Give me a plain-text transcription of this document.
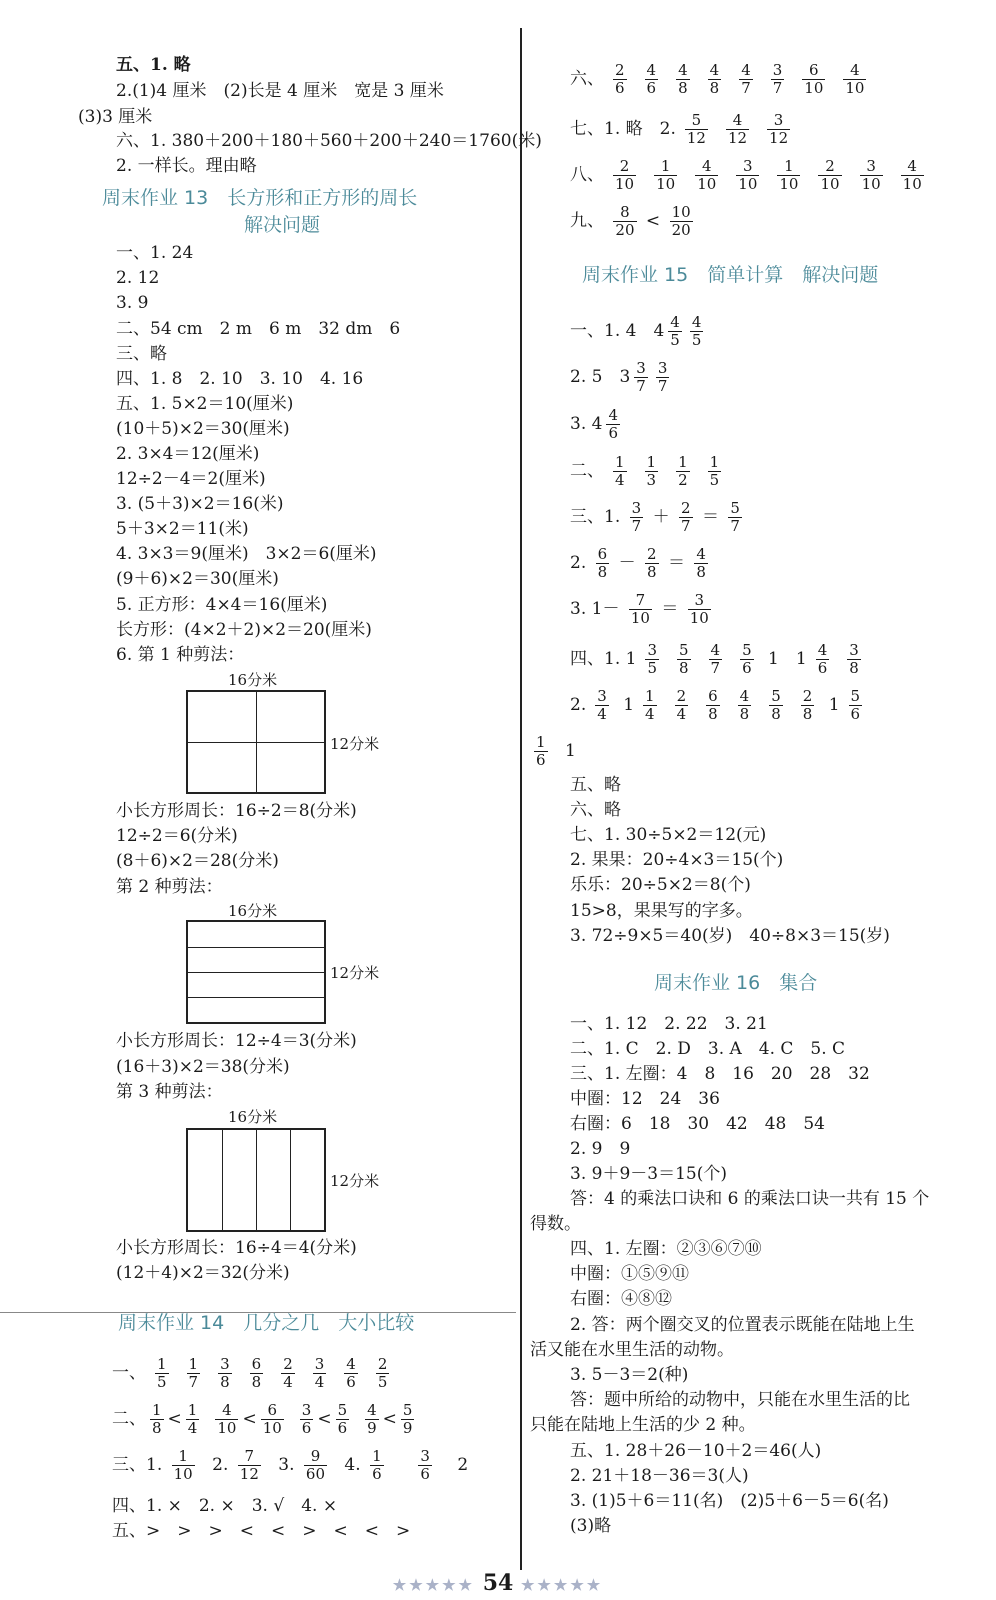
五、1. 略
2.(1)4 厘米　(2)长是 4 厘米　宽是 3 厘米
(3)3 厘米
六、1. 380＋200＋180＋560＋200＋240＝1760(米)
2. 一样长。理由略
周末作业 13　长方形和正方形的周长
解决问题
一、1. 24
2. 12
3. 9
二、54 cm　2 m　6 m　32 dm　6
三、略
四、1. 8　2. 10　3. 10　4. 16
五、1. 5×2＝10(厘米)
(10＋5)×2＝30(厘米)
2. 3×4＝12(厘米)
12÷2－4＝2(厘米)
3. (5＋3)×2＝16(米)
5＋3×2＝11(米)
4. 3×3＝9(厘米)　3×2＝6(厘米)
(9＋6)×2＝30(厘米)
5. 正方形：4×4＝16(厘米)
长方形：(4×2＋2)×2＝20(厘米)
6. 第 1 种剪法：
16分米
12分米
小长方形周长：16÷2＝8(分米)
12÷2＝6(分米)
(8＋6)×2＝28(分米)
第 2 种剪法：
16分米
12分米
小长方形周长：12÷4＝3(分米)
(16＋3)×2＝38(分米)
第 3 种剪法：
16分米
12分米
小长方形周长：16÷4＝4(分米)
(12＋4)×2＝32(分米)
周末作业 14　几分之几　大小比较
一、 $\frac{1}{5} \frac{1}{7} \frac{3}{8} \frac{6}{8} \frac{2}{4} \frac{3}{4} \frac{4}{6} \frac{2}{5}$
二、 $\frac{1}{8} < \frac{1}{4} \frac{4}{10} < \frac{6}{10} \frac{3}{6} < \frac{5}{6} \frac{4}{9} < \frac{5}{9}$
三、1. $\frac{1}{10} 2$. $\frac{7}{12} 3$. $\frac{9}{60} 4$. $\frac{1}{6}$
$\frac{3}{6} 2$
四、1. ×　2. ×　3. √　4. ×
五、>　>　>　<　<　>　<　<　>
六、 $\frac{2}{6} \frac{4}{6} \frac{4}{8} \frac{4}{8} \frac{4}{7} \frac{3}{7} \frac{6}{10} \frac{4}{10}$
七、1. 略　2. $\frac{5}{12} \frac{4}{12} \frac{3}{12}$
八、 $\frac{2}{10} \frac{1}{10} \frac{4}{10} \frac{3}{10} \frac{1}{10} \frac{2}{10} \frac{3}{10} \frac{4}{10}$
九、 $\frac{8}{20} < \frac{10}{20}$
周末作业 15　简单计算　解决问题
一、1. 4　$4 \frac{4}{5} \frac{4}{5}$
2. 5　$3 \frac{3}{7} \frac{3}{7}$
3. $4 \frac{4}{6}$
二、 $\frac{1}{4} \frac{1}{3} \frac{1}{2} \frac{1}{5}$
三、1. $\frac{3}{7} + \frac{2}{7} = \frac{5}{7}$
2. $\frac{6}{8} - \frac{2}{8} = \frac{4}{8}$
3. $1- \frac{7}{10} = \frac{3}{10}$
四、1. $1 \frac{3}{5} \frac{5}{8} \frac{4}{7} \frac{5}{6} 1$　$1 \frac{4}{6} \frac{3}{8}$
2. $\frac{3}{4} 1 \frac{1}{4} \frac{2}{4} \frac{6}{8} \frac{4}{8} \frac{5}{8} \frac{2}{8} 1 \frac{5}{6}$
$\frac{1}{6} 1$
五、略
六、略
七、1. 30÷5×2＝12(元)
2. 果果：20÷4×3＝15(个)
乐乐：20÷5×2＝8(个)
15>8，果果写的字多。
3. 72÷9×5＝40(岁)　40÷8×3＝15(岁)
周末作业 16　集合
一、1. 12　2. 22　3. 21
二、1. C　2. D　3. A　4. C　5. C
三、1. 左圈：4　8　16　20　28　32
中圈：12　24　36
右圈：6　18　30　42　48　54
2. 9　9
3. 9＋9－3＝15(个)
答：4 的乘法口诀和 6 的乘法口诀一共有 15 个
得数。
四、1. 左圈：②③⑥⑦⑩
中圈：①⑤⑨⑪
右圈：④⑧⑫
2. 答：两个圈交叉的位置表示既能在陆地上生
活又能在水里生活的动物。
3. 5－3＝2(种)
答：题中所给的动物中，只能在水里生活的比
只能在陆地上生活的少 2 种。
五、1. 28＋26－10＋2＝46(人)
2. 21＋18－36＝3(人)
3. (1)5＋6＝11(名)　(2)5＋6－5＝6(名)
(3)略
★★★★★ 54 ★★★★★
